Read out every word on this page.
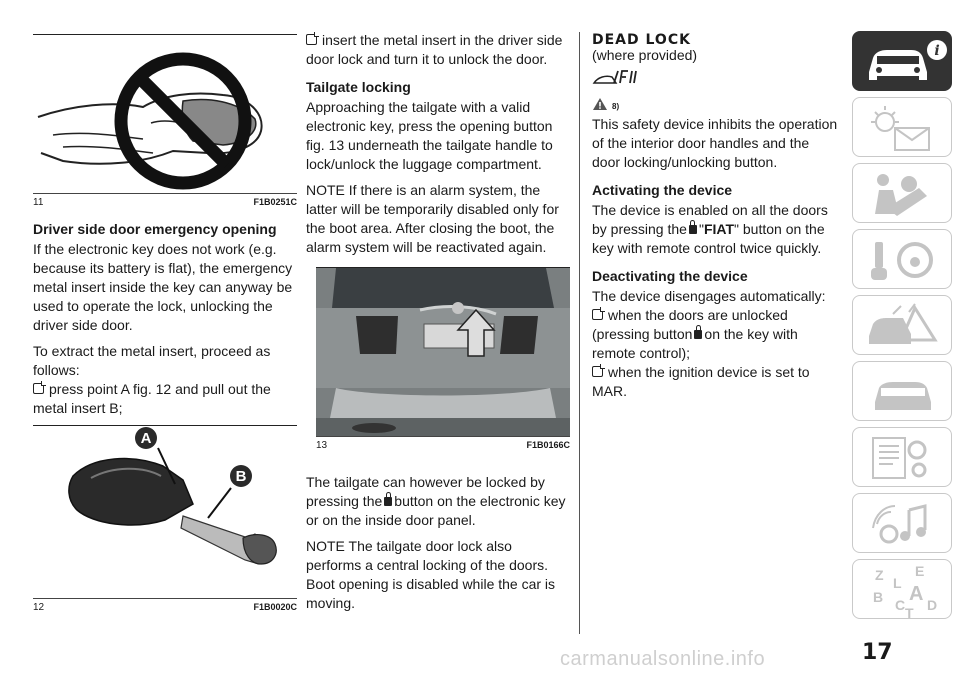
11	F1B0251C
Driver side door emergency opening

If the electronic key does not work (e.g. because its battery is flat), the emergency metal insert inside the key can anyway be used to operate the lock, unlocking the driver side door.

To extract the metal insert, proceed as follows:

press point A fig. 12 and pull out the metal insert B;

A
B
12	F1B0020C

insert the metal insert in the driver side door lock and turn it to unlock the door.

Tailgate locking

Approaching the tailgate with a valid electronic key, press the opening button fig. 13 underneath the tailgate handle to lock/unlock the luggage compartment.

NOTE If there is an alarm system, the latter will be temporarily disabled only for the boot area. After closing the boot, the alarm system will be reactivated again.

13	F1B0166C

The tailgate can however be locked by pressing the button on the electronic key or on the inside door panel.

NOTE The tailgate door lock also performs a central locking of the doors. Boot opening is disabled while the car is moving.

DEAD LOCK
(where provided)
8)

This safety device inhibits the operation of the interior door handles and the door locking/unlocking button.

Activating the device

The device is enabled on all the doors by pressing the "FIAT" button on the key with remote control twice quickly.

Deactivating the device

The device disengages automatically:

when the doors are unlocked (pressing button on the key with remote control);

when the ignition device is set to MAR.

i
Z E
L
B A
C D
T
17
carmanualsonline.info
